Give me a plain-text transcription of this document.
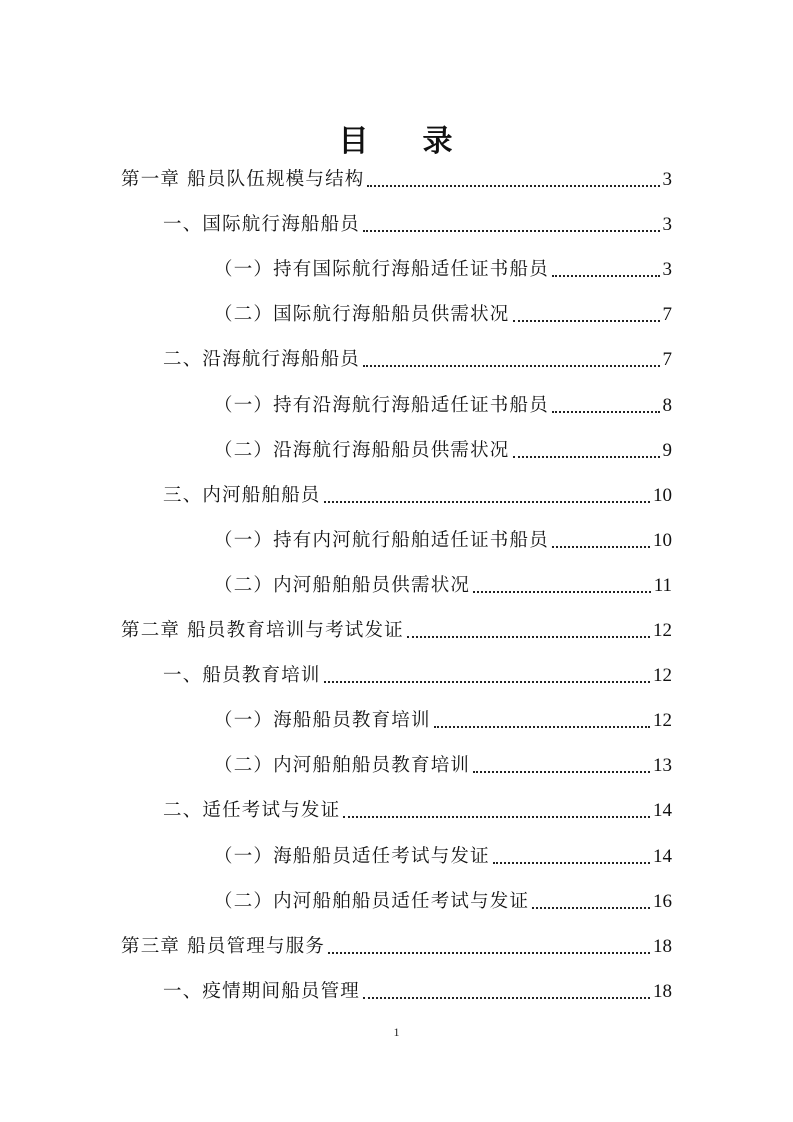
目 录
第一章 船员队伍规模与结构	3
一、国际航行海船船员	3
（一）持有国际航行海船适任证书船员	3
（二）国际航行海船船员供需状况	7
二、沿海航行海船船员	7
（一）持有沿海航行海船适任证书船员	8
（二）沿海航行海船船员供需状况	9
三、内河船舶船员	10
（一）持有内河航行船舶适任证书船员	10
（二）内河船舶船员供需状况	11
第二章 船员教育培训与考试发证	12
一、船员教育培训	12
（一）海船船员教育培训	12
（二）内河船舶船员教育培训	13
二、适任考试与发证	14
（一）海船船员适任考试与发证	14
（二）内河船舶船员适任考试与发证	16
第三章 船员管理与服务	18
一、疫情期间船员管理	18
1
